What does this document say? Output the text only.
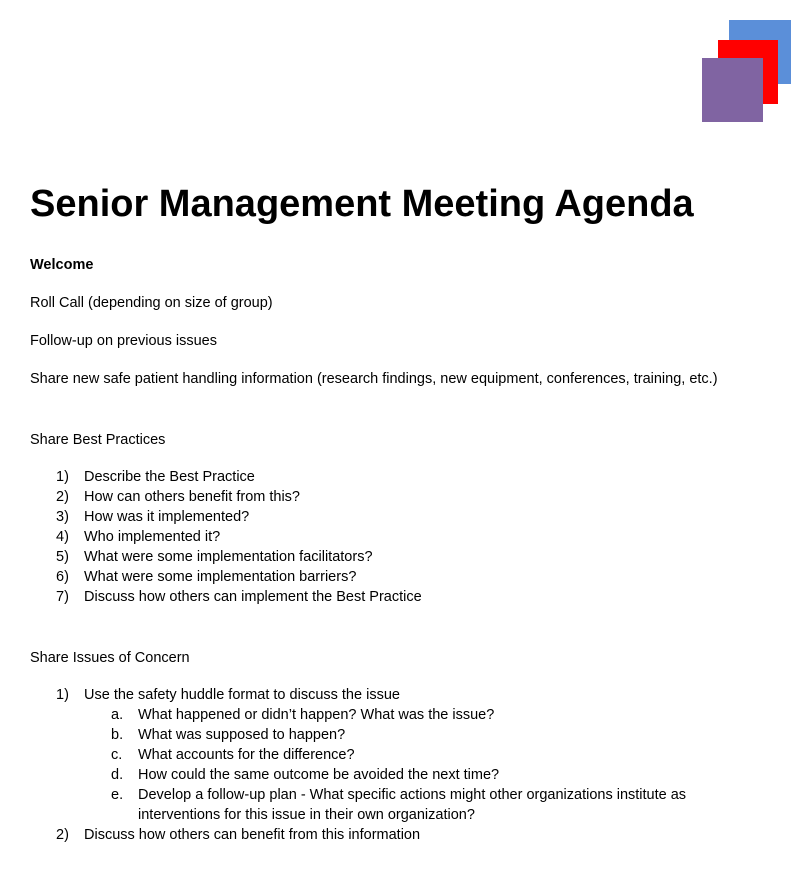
Senior Management Meeting Agenda

Welcome

Roll Call (depending on size of group)

Follow-up on previous issues

Share new safe patient handling information (research findings, new equipment, conferences, training, etc.)

Share Best Practices

1)	Describe the Best Practice
2)	How can others benefit from this?
3)	How was it implemented?
4)	Who implemented it?
5)	What were some implementation facilitators?
6)	What were some implementation barriers?
7)	Discuss how others can implement the Best Practice

Share Issues of Concern

1)	Use the safety huddle format to discuss the issue
a.	What happened or didn’t happen? What was the issue?
b.	What was supposed to happen?
c.	What accounts for the difference?
d.	How could the same outcome be avoided the next time?
e.	Develop a follow-up plan - What specific actions might other organizations institute as interventions for this issue in their own organization?
2)	Discuss how others can benefit from this information
